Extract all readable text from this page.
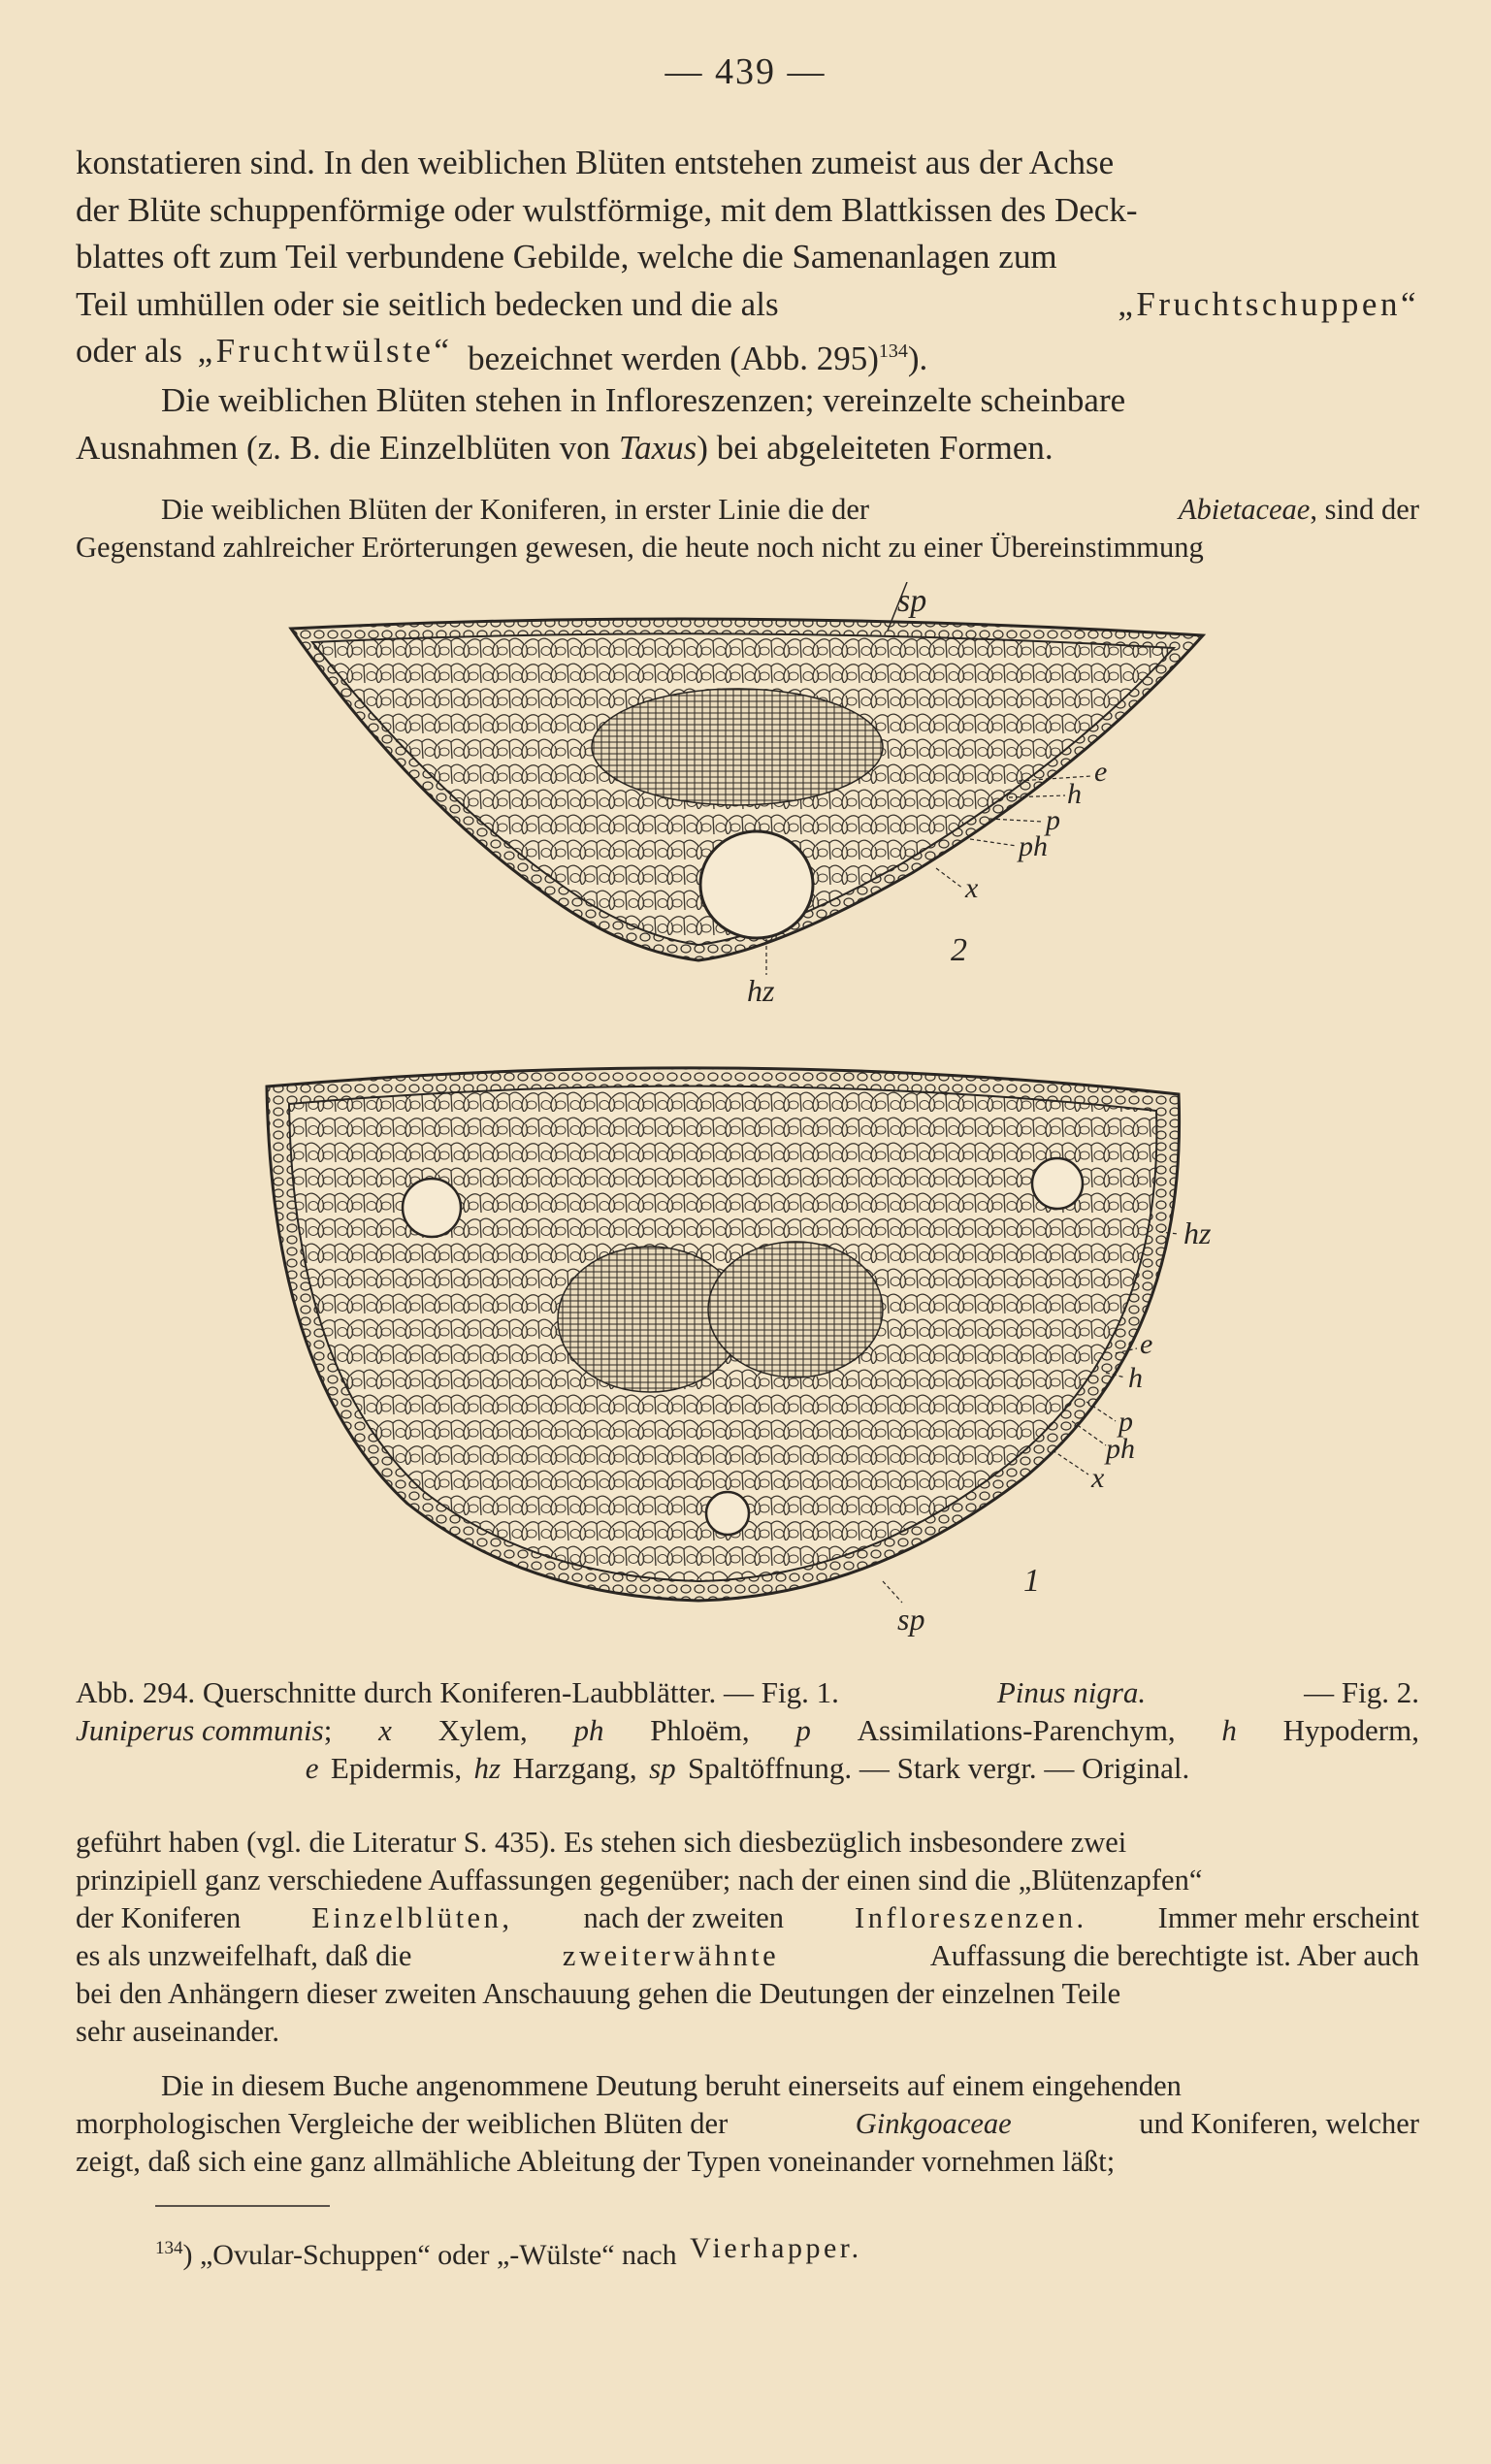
— 439 —
konstatieren sind. In den weiblichen Blüten entstehen zumeist aus der Achse
der Blüte schuppenförmige oder wulstförmige, mit dem Blattkissen des Deck-
blattes oft zum Teil verbundene Gebilde, welche die Samenanlagen zum
Teil umhüllen oder sie seitlich bedecken und die als	„Fruchtschuppen“
oder als „Fruchtwülste“ bezeichnet werden (Abb. 295)$^{134}$).
Die weiblichen Blüten stehen in Infloreszenzen; vereinzelte scheinbare
Ausnahmen (z. B. die Einzelblüten von Taxus) bei abgeleiteten Formen.
Die weiblichen Blüten der Koniferen, in erster Linie die der	Abietaceae, sind der
Gegenstand zahlreicher Erörterungen gewesen, die heute noch nicht zu einer Übereinstimmung
sp
e
h
p
ph
x
2
hz
hz
e
h
p
ph
x
1
sp
Abb. 294. Querschnitte durch Koniferen-Laubblätter. — Fig. 1.	Pinus nigra.	— Fig. 2.
Juniperus communis; x Xylem, ph Phloëm, p Assimilations-Parenchym, h Hypoderm,
e Epidermis, hz Harzgang, sp Spaltöffnung. — Stark vergr. — Original.
geführt haben (vgl. die Literatur S. 435). Es stehen sich diesbezüglich insbesondere zwei
prinzipiell ganz verschiedene Auffassungen gegenüber; nach der einen sind die „Blütenzapfen“
der Koniferen Einzelblüten, nach der zweiten Infloreszenzen. Immer mehr erscheint
es als unzweifelhaft, daß die	zweiterwähnte	Auffassung die berechtigte ist. Aber auch
bei den Anhängern dieser zweiten Anschauung gehen die Deutungen der einzelnen Teile
sehr auseinander.
Die in diesem Buche angenommene Deutung beruht einerseits auf einem eingehenden
morphologischen Vergleiche der weiblichen Blüten der	Ginkgoaceae	und Koniferen, welcher
zeigt, daß sich eine ganz allmähliche Ableitung der Typen voneinander vornehmen läßt;
$^{134}$) „Ovular-Schuppen“ oder „-Wülste“ nach Vierhapper.
